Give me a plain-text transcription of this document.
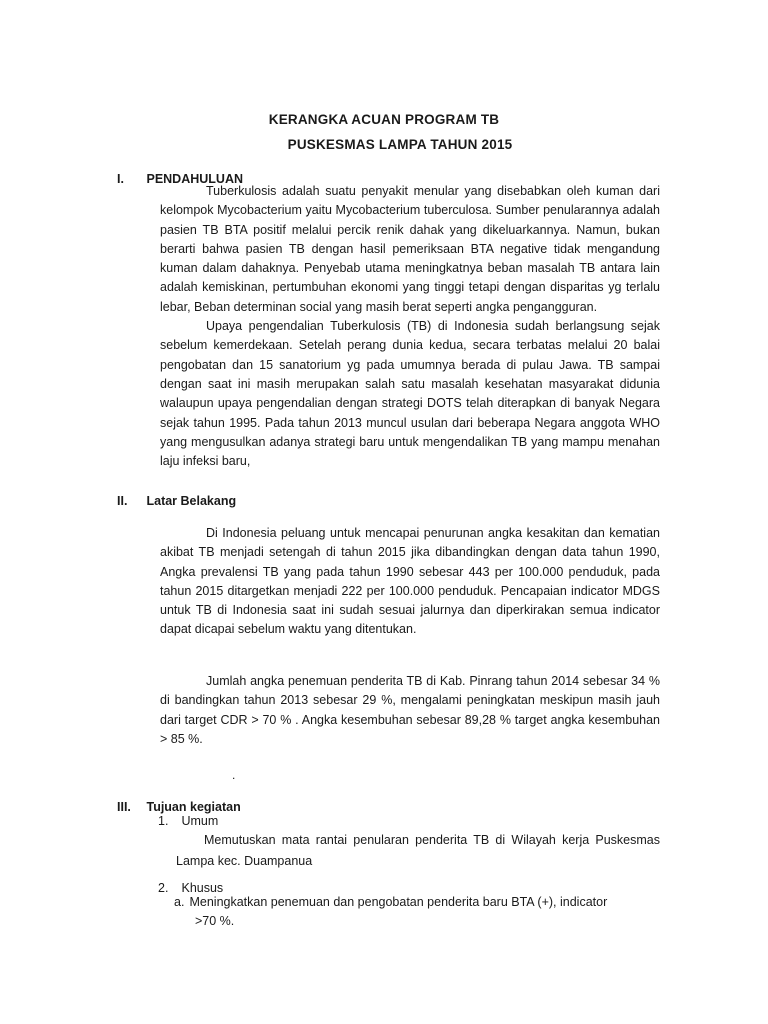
KERANGKA ACUAN PROGRAM TB
PUSKESMAS LAMPA TAHUN 2015
I. PENDAHULUAN

Tuberkulosis adalah suatu penyakit menular yang disebabkan oleh kuman dari kelompok Mycobacterium yaitu Mycobacterium tuberculosa. Sumber penularannya adalah pasien TB BTA positif melalui percik renik dahak yang dikeluarkannya. Namun, bukan berarti bahwa pasien TB dengan hasil pemeriksaan BTA negative tidak mengandung kuman dalam dahaknya. Penyebab utama meningkatnya beban masalah TB antara lain adalah kemiskinan, pertumbuhan ekonomi yang tinggi tetapi dengan disparitas yg terlalu lebar, Beban determinan social yang masih berat seperti angka pengangguran.

Upaya pengendalian Tuberkulosis (TB) di Indonesia sudah berlangsung sejak sebelum kemerdekaan. Setelah perang dunia kedua, secara terbatas melalui 20 balai pengobatan dan 15 sanatorium yg pada umumnya berada di pulau Jawa. TB sampai dengan saat ini masih merupakan salah satu masalah kesehatan masyarakat didunia walaupun upaya pengendalian dengan strategi DOTS telah diterapkan di banyak Negara sejak tahun 1995. Pada tahun 2013 muncul usulan dari beberapa Negara anggota WHO yang mengusulkan adanya strategi baru untuk mengendalikan TB yang mampu menahan laju infeksi baru,

II. Latar Belakang

Di Indonesia peluang untuk mencapai penurunan angka kesakitan dan kematian akibat TB menjadi setengah di tahun 2015 jika dibandingkan dengan data tahun 1990, Angka prevalensi TB yang pada tahun 1990 sebesar 443 per 100.000 penduduk, pada tahun 2015 ditargetkan menjadi 222 per 100.000 penduduk. Pencapaian indicator MDGS untuk TB di Indonesia saat ini sudah sesuai jalurnya dan diperkirakan semua indicator dapat dicapai sebelum waktu yang ditentukan.

Jumlah angka penemuan penderita TB di Kab. Pinrang tahun 2014 sebesar 34 % di bandingkan tahun 2013 sebesar 29 %, mengalami peningkatan meskipun masih jauh dari target CDR > 70 % . Angka kesembuhan sebesar 89,28 % target angka kesembuhan > 85 %.

.
III. Tujuan kegiatan
1. Umum

Memutuskan mata rantai penularan penderita TB di Wilayah kerja Puskesmas Lampa kec. Duampanua

2. Khusus
a. Meningkatkan penemuan dan pengobatan penderita baru BTA (+), indicator
>70 %.
